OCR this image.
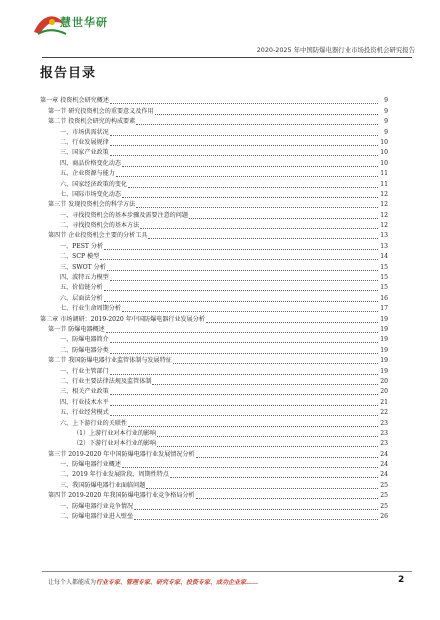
慧世华研
2020-2025 年中国防爆电器行业市场投资机会研究报告
报告目录
第一章 投资机会研究概述	9
第一节 研究投资机会的重要意义及作用	9
第二节 投资机会研究的构成要素	9
一、市场供需状况	9
二、行业发展规律	10
三、国家产业政策	10
四、商品价格变化动态	10
五、企业资源与能力	11
六、国家经济政策的变化	11
七、国际市场变化动态	12
第三节 发现投资机会的科学方法	12
一、寻找投资机会的基本步骤及需要注意的问题	12
二、寻找投资机会的基本方法	12
第四节 企业投资机会主要的分析工具	13
一、PEST 分析	13
二、SCP 模型	14
三、SWOT 分析	15
四、波特五力模型	15
五、价值链分析	15
六、层面法分析	16
七、行业生命周期分析	17
第二章 市场调研：2019-2020 年中国防爆电器行业发展分析	19
第一节 防爆电器概述	19
一、防爆电器简介	19
二、防爆电器分类	19
第二节 我国防爆电器行业监管体制与发展特征	19
一、行业主管部门	19
二、行业主要法律法规及监管体制	20
三、相关产业政策	20
四、行业技术水平	21
五、行业经营模式	22
六、上下游行业的关联性	23
（1）上游行业对本行业的影响	23
（2）下游行业对本行业的影响	23
第三节 2019-2020 年中国防爆电器行业发展情况分析	24
一、防爆电器行业概述	24
二、2019 年行业发展阶段、周期性特点	24
三、我国防爆电器行业面临问题	25
第四节 2019-2020 年我国防爆电器行业竞争格局分析	25
一、防爆电器行业竞争情况	25
二、防爆电器行业进入壁垒	26
让每个人都能成为行业专家、管理专家、研究专家、投资专家、成功企业家……	2
